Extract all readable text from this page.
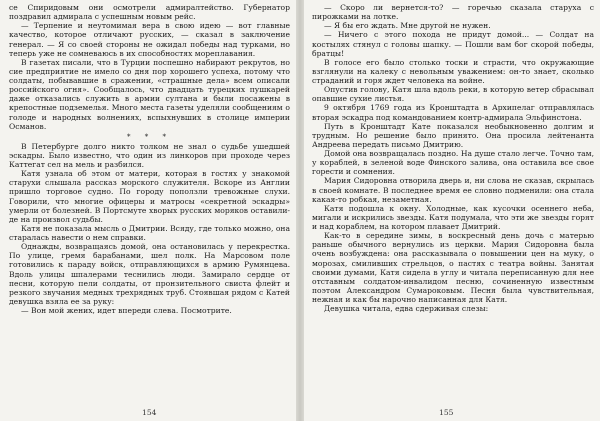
се Спиридовым они осмотрели адмиралтейство. Губернатор поздравил адмирала с успешным новым рейс.

— Терпение и неутомимая вера в свою идею — вот главные качество, которое отличают русских, — сказал в заключение генерал. — Я со своей стороны не ожидал победы над турками, но теперь уже не сомневаюсь в их способностях мореплавания.

В газетах писали, что в Турции поспешно набирают рекрутов, но сие предприятие не имело со дня пор хорошего успеха, потому что солдаты, побывавшие в сражении, «страшные дела» всем описали российского огня». Сообщалось, что двадцать турецких пушкарей даже отказались служить в армии султана и были посажены в крепостные подземелья. Много места газеты уделяли сообщениям о голоде и народных волнениях, вспыхнувших в столице империи Османов.

* * *

В Петербурге долго никто толком не знал о судьбе ушедшей эскадры. Было известно, что один из линкоров при проходе через Каттегат сел на мель и разбился.

Катя узнала об этом от матери, которая в гостях у знакомой старухи слышала рассказ морского служителя. Вскоре из Англии пришло торговое судно. По городу поползли тревожные слухи. Говорили, что многие офицеры и матросы «секретной эскадры» умерли от болезней. В Портсмуте хворых русских моряков оставили-де на произвол судьбы.

Катя не показала мысль о Дмитрии. Всяду, где только можно, она старалась навести о нем справки.

Однажды, возвращаясь домой, она остановилась у перекрестка. По улице, гремя барабанами, шел полк. На Марсовом поле готовились к параду войск, отправляющихся в армию Румянцева. Вдоль улицы шпалерами теснились люди. Замирало сердце от песни, которую пели солдаты, от пронзительного свиста флейт и резкого звучания медных трехрядных труб. Стоявшая рядом с Катей девушка взяла ее за руку:

— Вон мой жених, идет впереди слева. Посмотрите.

154

— Скоро ли вернется-то? — горечью сказала старуха с пирожками на лотке.

— Я бы его ждать. Мне другой не нужен.

— Ничего с этого похода не придут домой... — Солдат на костылях стянул с головы шапку. — Пошли вам бог скорой победы, братцы!

В голосе его было столько тоски и страсти, что окружающие взглянули на калеку с невольным уважением: он-то знает, сколько страданий и горя ждет человека на войне.

Опустив голову, Катя шла вдоль реки, в которую ветер сбрасывал опавшие сухие листья.

9 октября 1769 года из Кронштадта в Архипелаг отправлялась вторая эскадра под командованием контр-адмирала Эльфинстона.

Путь в Кронштадт Кате показался необыкновенно долгим и трудным. Но решение было принято. Она просила лейтенанта Андреева передать письмо Дмитрию.

Домой она возвращалась поздно. На душе стало легче. Точно там, у кораблей, в зеленой воде Финского залива, она оставила все свое горести и сомнения.

Мария Сидоровна отворила дверь и, ни слова не сказав, скрылась в своей комнате. В последнее время ее словно подменили: она стала какая-то робкая, незаметная.

Катя подошла к окну. Холодные, как кусочки осеннего неба, мигали и искрились звезды. Катя подумала, что эти же звезды горят и над кораблем, на котором плавает Дмитрий.

Как-то в середине зимы, в воскресный день дочь с матерью раньше обычного вернулись из церкви. Мария Сидоровна была очень возбуждена: она рассказывала о повышении цен на муку, о морозах, смиливших стрельцов, о пастях с театра войны. Занятая своими думами, Катя сидела в углу и читала переписанную для нее отставным солдатом-инвалидом песню, сочиненную известным поэтом Александром Сумароковым. Песня была чувствительная, нежная и как бы нарочно написанная для Катя.

Девушка читала, едва сдерживая слезы:

155
